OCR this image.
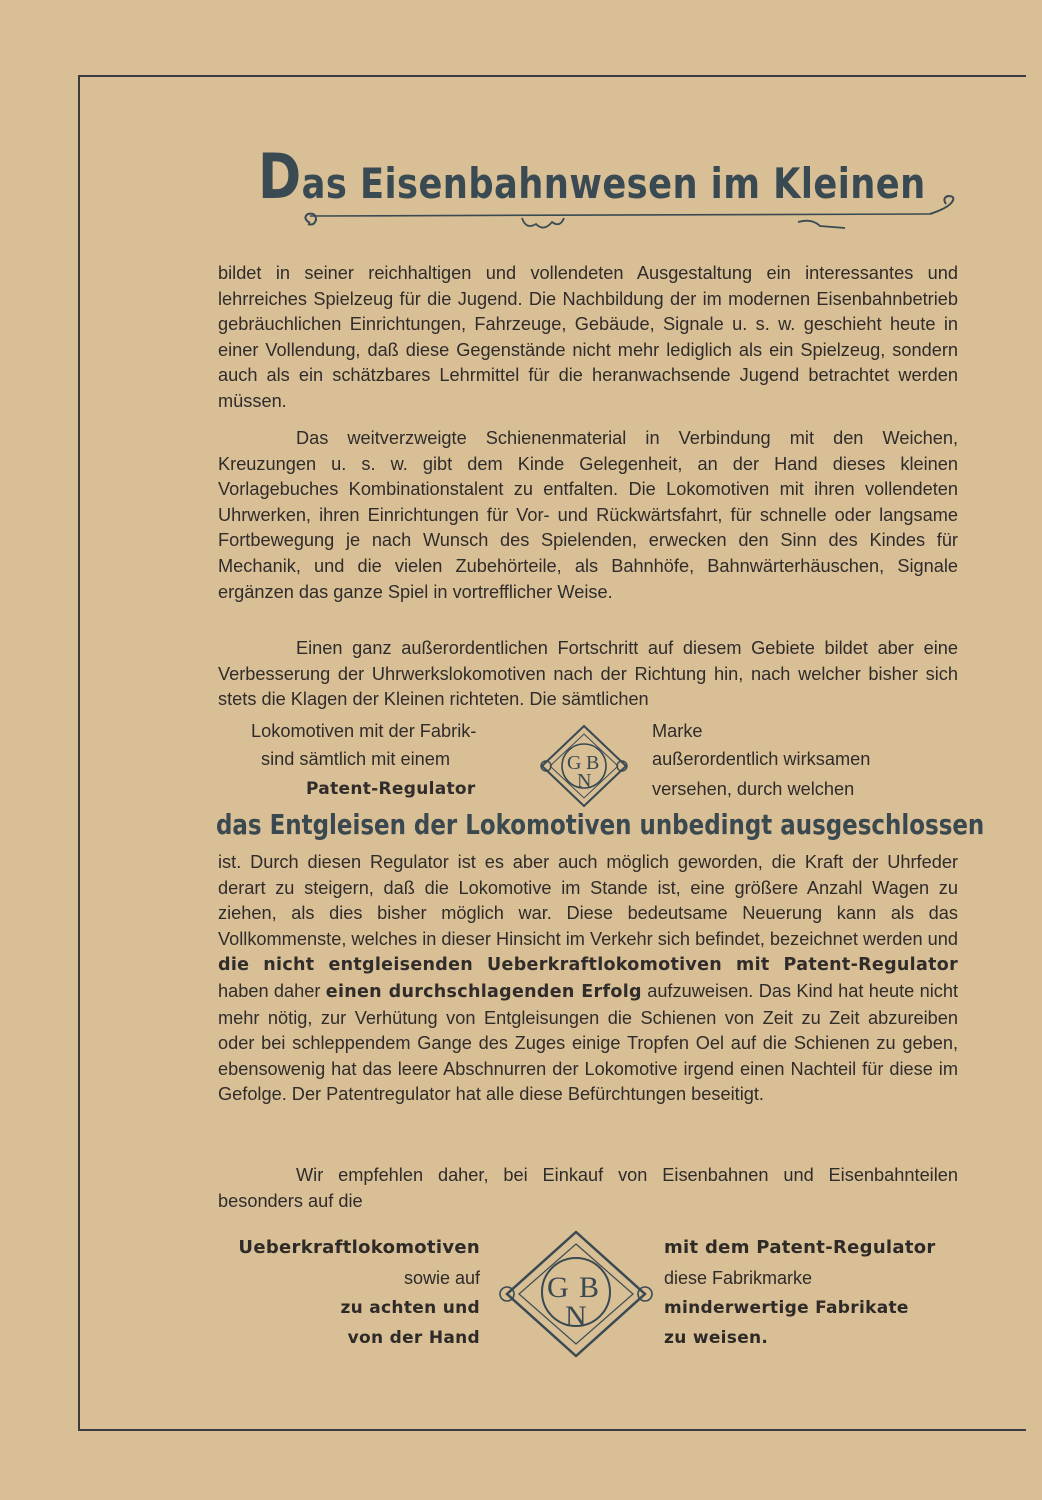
Das Eisenbahnwesen im Kleinen

bildet in seiner reichhaltigen und vollendeten Ausgestaltung ein interessantes und lehrreiches Spielzeug für die Jugend. Die Nachbildung der im modernen Eisenbahnbetrieb gebräuchlichen Einrichtungen, Fahrzeuge, Gebäude, Signale u. s. w. geschieht heute in einer Vollendung, daß diese Gegenstände nicht mehr lediglich als ein Spielzeug, sondern auch als ein schätzbares Lehrmittel für die heranwachsende Jugend betrachtet werden müssen.

Das weitverzweigte Schienenmaterial in Verbindung mit den Weichen, Kreuzungen u. s. w. gibt dem Kinde Gelegenheit, an der Hand dieses kleinen Vorlagebuches Kombinationstalent zu entfalten. Die Lokomotiven mit ihren vollendeten Uhrwerken, ihren Einrichtungen für Vor- und Rückwärtsfahrt, für schnelle oder langsame Fortbewegung je nach Wunsch des Spielenden, erwecken den Sinn des Kindes für Mechanik, und die vielen Zubehörteile, als Bahnhöfe, Bahnwärterhäuschen, Signale ergänzen das ganze Spiel in vortrefflicher Weise.

Einen ganz außerordentlichen Fortschritt auf diesem Gebiete bildet aber eine Verbesserung der Uhrwerkslokomotiven nach der Richtung hin, nach welcher bisher sich stets die Klagen der Kleinen richteten. Die sämtlichen

Lokomotiven mit der Fabrik-
sind sämtlich mit einem
Patent-Regulator
G B
N
Marke
außerordentlich wirksamen
versehen, durch welchen
das Entgleisen der Lokomotiven unbedingt ausgeschlossen

ist. Durch diesen Regulator ist es aber auch möglich geworden, die Kraft der Uhrfeder derart zu steigern, daß die Lokomotive im Stande ist, eine größere Anzahl Wagen zu ziehen, als dies bisher möglich war. Diese bedeutsame Neuerung kann als das Vollkommenste, welches in dieser Hinsicht im Verkehr sich befindet, bezeichnet werden und die nicht entgleisenden Ueberkraftlokomotiven mit Patent-Regulator haben daher einen durchschlagenden Erfolg aufzuweisen. Das Kind hat heute nicht mehr nötig, zur Verhütung von Entgleisungen die Schienen von Zeit zu Zeit abzureiben oder bei schleppendem Gange des Zuges einige Tropfen Oel auf die Schienen zu geben, ebensowenig hat das leere Abschnurren der Lokomotive irgend einen Nachteil für diese im Gefolge. Der Patentregulator hat alle diese Befürchtungen beseitigt.

Wir empfehlen daher, bei Einkauf von Eisenbahnen und Eisenbahnteilen besonders auf die

Ueberkraftlokomotiven
sowie auf
zu achten und
von der Hand
G B
N
mit dem Patent-Regulator
diese Fabrikmarke
minderwertige Fabrikate
zu weisen.
